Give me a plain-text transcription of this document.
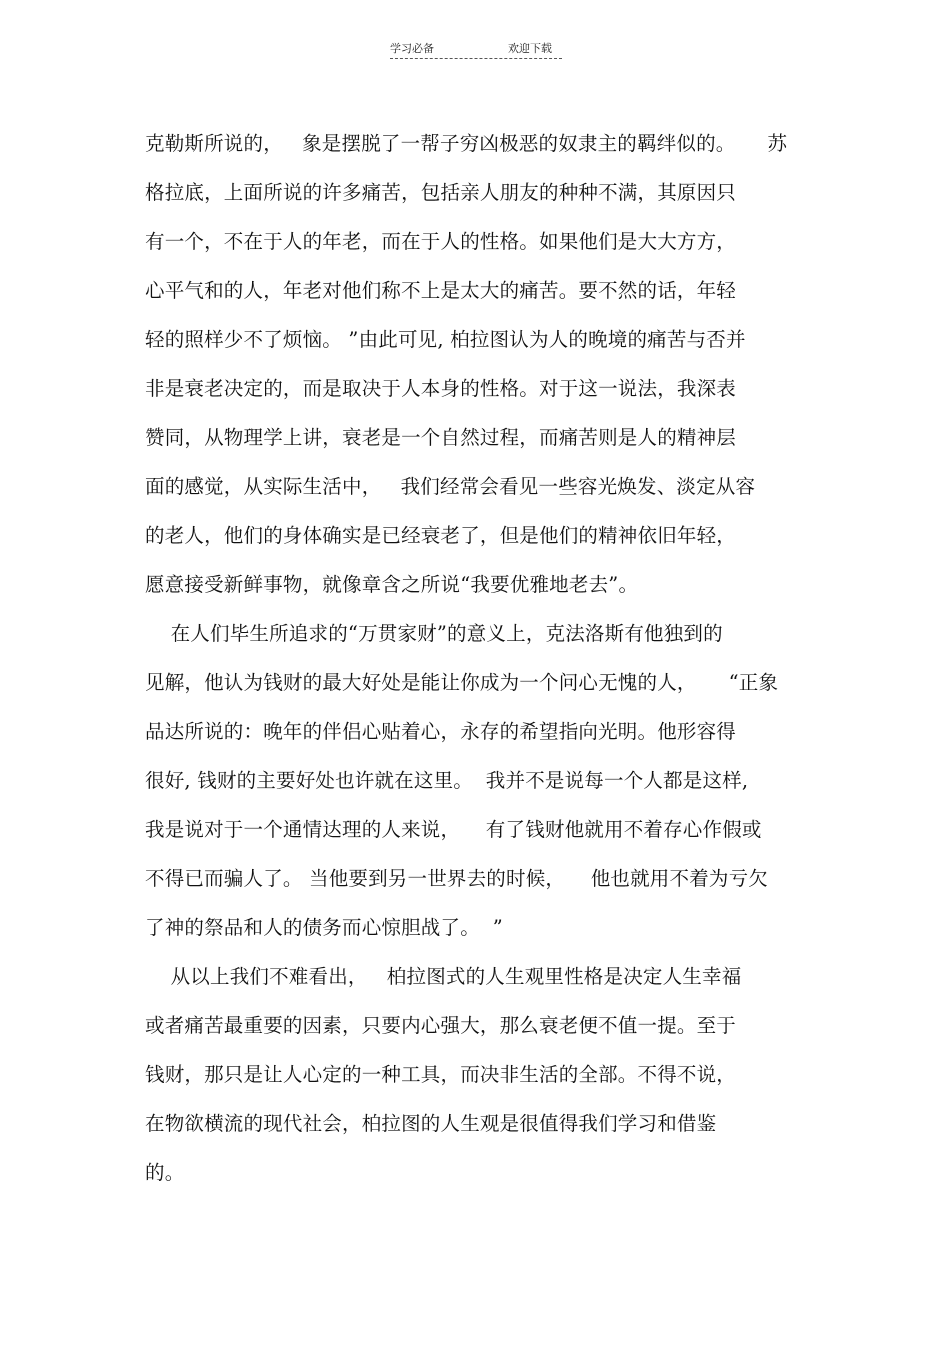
学习必备	欢迎下载
克勒斯所说的，   象是摆脱了一帮子穷凶极恶的奴隶主的羁绊似的。     苏
格拉底，上面所说的许多痛苦，包括亲人朋友的种种不满，其原因只
有一个，不在于人的年老，而在于人的性格。如果他们是大大方方，
心平气和的人，年老对他们称不上是太大的痛苦。要不然的话，年轻
轻的照样少不了烦恼。 ”由此可见, 柏拉图认为人的晚境的痛苦与否并
非是衰老决定的，而是取决于人本身的性格。对于这一说法，我深表
赞同，从物理学上讲，衰老是一个自然过程，而痛苦则是人的精神层
面的感觉，从实际生活中，   我们经常会看见一些容光焕发、淡定从容
的老人，他们的身体确实是已经衰老了，但是他们的精神依旧年轻，
愿意接受新鲜事物，就像章含之所说“我要优雅地老去”。
在人们毕生所追求的“万贯家财”的意义上，克法洛斯有他独到的
见解，他认为钱财的最大好处是能让你成为一个问心无愧的人，     “正象
品达所说的：晚年的伴侣心贴着心，永存的希望指向光明。他形容得
很好, 钱财的主要好处也许就在这里。  我并不是说每一个人都是这样,
我是说对于一个通情达理的人来说，    有了钱财他就用不着存心作假或
不得已而骗人了。 当他要到另一世界去的时候，    他也就用不着为亏欠
了神的祭品和人的债务而心惊胆战了。  ”
从以上我们不难看出，   柏拉图式的人生观里性格是决定人生幸福
或者痛苦最重要的因素，只要内心强大，那么衰老便不值一提。至于
钱财，那只是让人心定的一种工具，而决非生活的全部。不得不说，
在物欲横流的现代社会，柏拉图的人生观是很值得我们学习和借鉴
的。
